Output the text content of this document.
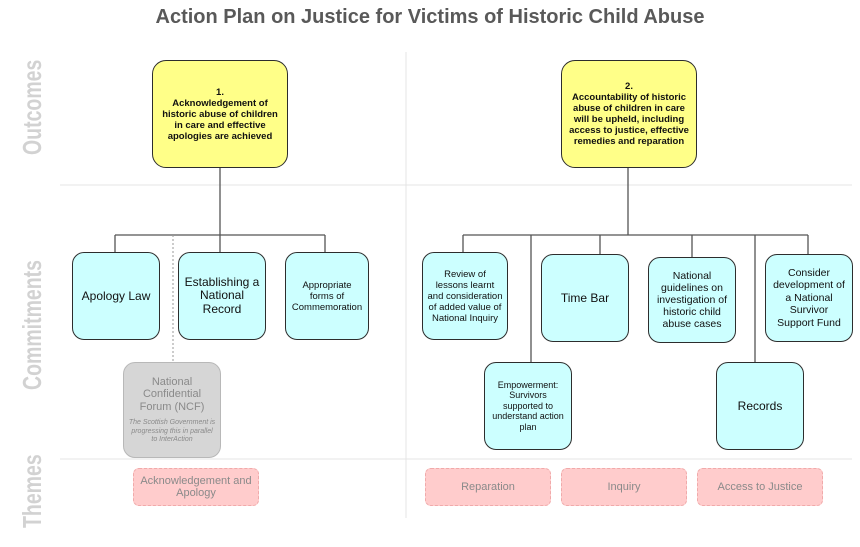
Action Plan on Justice for Victims of Historic Child Abuse
Outcomes
Commitments
Themes
1.
Acknowledgement of historic abuse of children in care and effective apologies are achieved
2.
Accountability of historic abuse of children in care will be upheld, including access to justice, effective remedies and reparation
Apology Law
Establishing a National Record
Appropriate forms of Commemoration
National Confidential Forum (NCF)
The Scottish Government is progressing this in parallel to InterAction
Review of lessons learnt and consideration of added value of National Inquiry
Empowerment: Survivors supported to understand action plan
Time Bar
National guidelines on investigation of historic child abuse cases
Records
Consider development of a National Survivor Support Fund
Acknowledgement and Apology
Reparation	Inquiry	Access to Justice
